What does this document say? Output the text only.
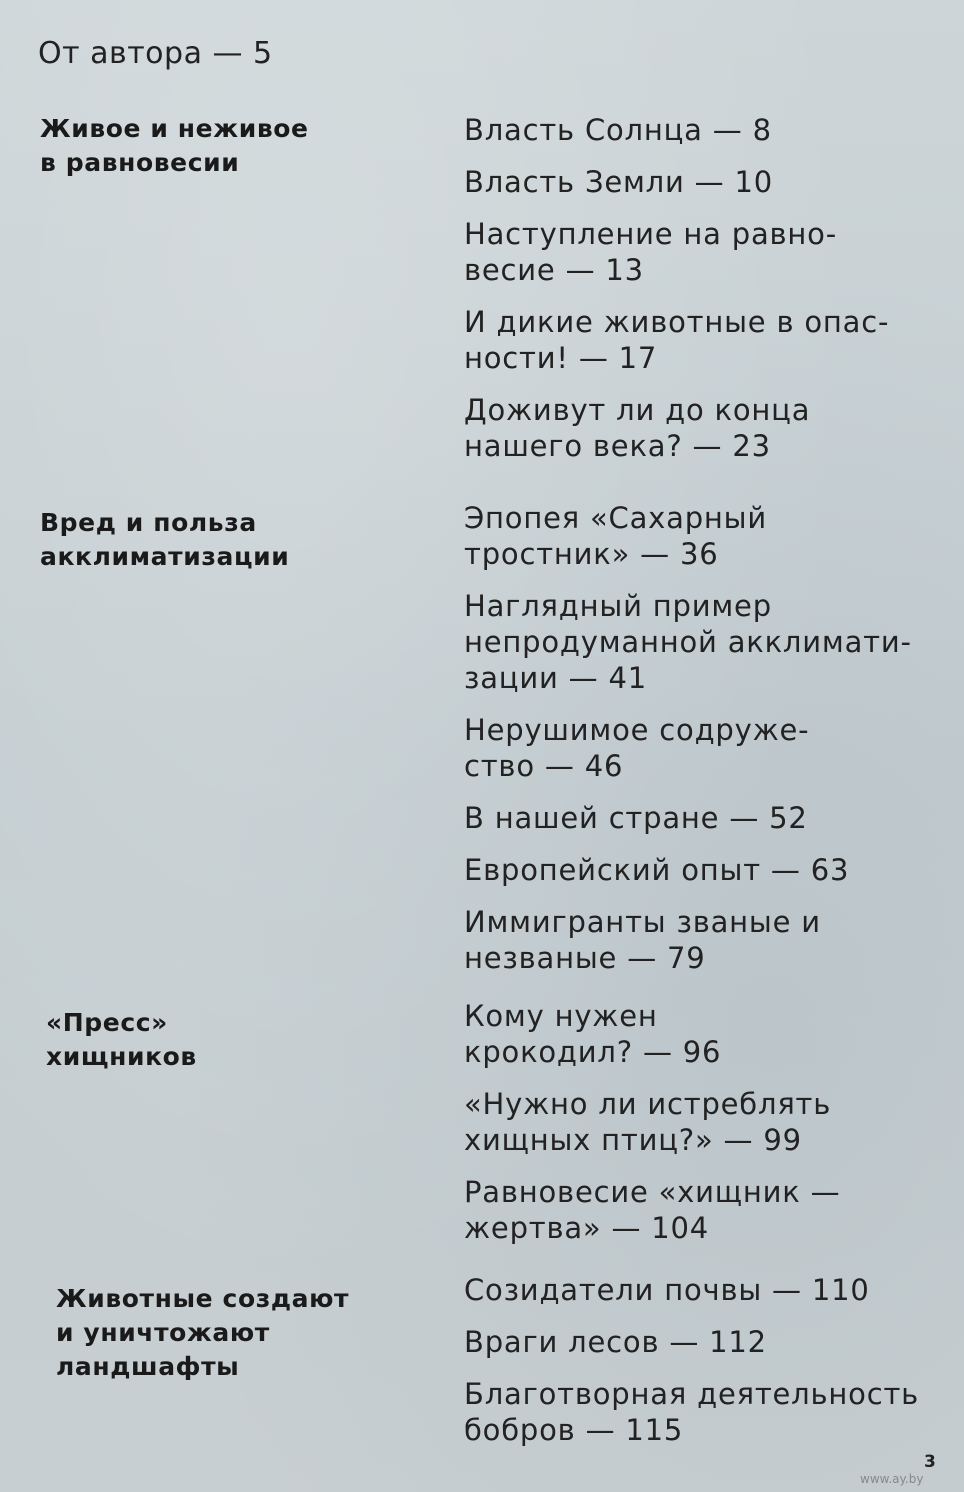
От автора — 5
Живое и неживое
в равновесии
Власть Солнца — 8
Власть Земли — 10
Наступление на равно-
весие — 13
И дикие животные в опас-
ности! — 17
Доживут ли до конца
нашего века? — 23
Вред и польза
акклиматизации
Эпопея «Сахарный
тростник» — 36
Наглядный пример
непродуманной акклимати-
зации — 41
Нерушимое содруже-
ство — 46
В нашей стране — 52
Европейский опыт — 63
Иммигранты званые и
незваные — 79
«Пресс»
хищников
Кому нужен
крокодил? — 96
«Нужно ли истреблять
хищных птиц?» — 99
Равновесие «хищник —
жертва» — 104
Животные создают
и уничтожают
ландшафты
Созидатели почвы — 110
Враги лесов — 112
Благотворная деятельность
бобров — 115
3
www.ay.by
